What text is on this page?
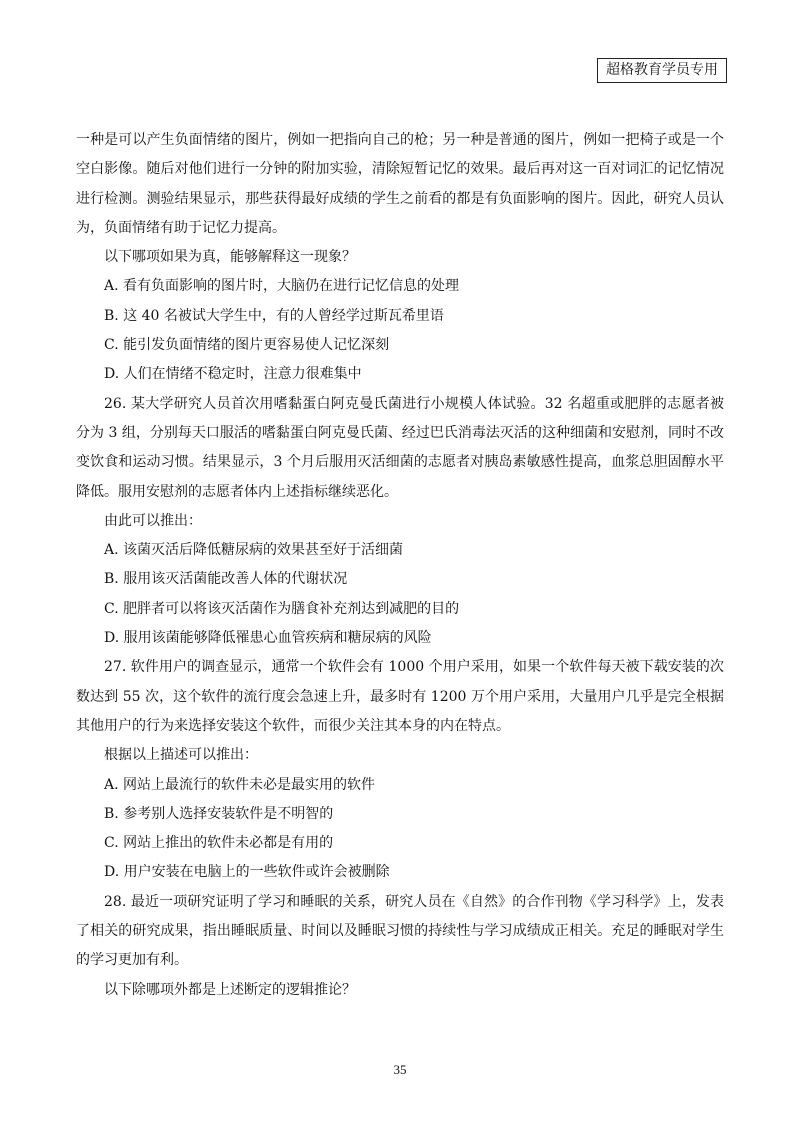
超格教育学员专用

一种是可以产生负面情绪的图片，例如一把指向自己的枪；另一种是普通的图片，例如一把椅子或是一个空白影像。随后对他们进行一分钟的附加实验，清除短暂记忆的效果。最后再对这一百对词汇的记忆情况进行检测。测验结果显示，那些获得最好成绩的学生之前看的都是有负面影响的图片。因此，研究人员认为，负面情绪有助于记忆力提高。

以下哪项如果为真，能够解释这一现象？

A. 看有负面影响的图片时，大脑仍在进行记忆信息的处理

B. 这 40 名被试大学生中，有的人曾经学过斯瓦希里语

C. 能引发负面情绪的图片更容易使人记忆深刻

D. 人们在情绪不稳定时，注意力很难集中

26. 某大学研究人员首次用嗜黏蛋白阿克曼氏菌进行小规模人体试验。32 名超重或肥胖的志愿者被分为 3 组，分别每天口服活的嗜黏蛋白阿克曼氏菌、经过巴氏消毒法灭活的这种细菌和安慰剂，同时不改变饮食和运动习惯。结果显示，3 个月后服用灭活细菌的志愿者对胰岛素敏感性提高，血浆总胆固醇水平降低。服用安慰剂的志愿者体内上述指标继续恶化。

由此可以推出：

A. 该菌灭活后降低糖尿病的效果甚至好于活细菌

B. 服用该灭活菌能改善人体的代谢状况

C. 肥胖者可以将该灭活菌作为膳食补充剂达到减肥的目的

D. 服用该菌能够降低罹患心血管疾病和糖尿病的风险

27. 软件用户的调查显示，通常一个软件会有 1000 个用户采用，如果一个软件每天被下载安装的次数达到 55 次，这个软件的流行度会急速上升，最多时有 1200 万个用户采用，大量用户几乎是完全根据其他用户的行为来选择安装这个软件，而很少关注其本身的内在特点。

根据以上描述可以推出：

A. 网站上最流行的软件未必是最实用的软件

B. 参考别人选择安装软件是不明智的

C. 网站上推出的软件未必都是有用的

D. 用户安装在电脑上的一些软件或许会被删除

28. 最近一项研究证明了学习和睡眠的关系，研究人员在《自然》的合作刊物《学习科学》上，发表了相关的研究成果，指出睡眠质量、时间以及睡眠习惯的持续性与学习成绩成正相关。充足的睡眠对学生的学习更加有利。

以下除哪项外都是上述断定的逻辑推论？

35
